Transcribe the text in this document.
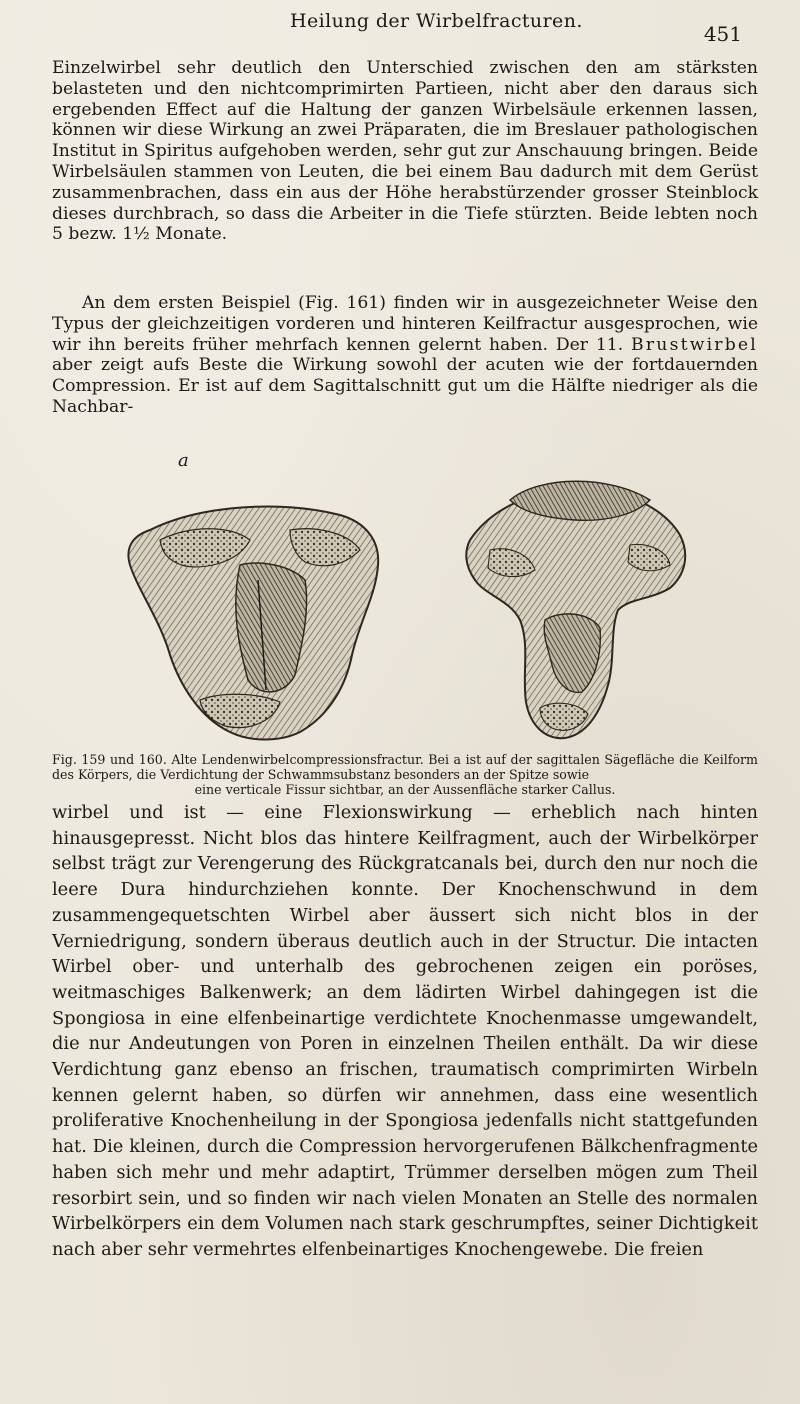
Heilung der Wirbelfracturen.
451

Einzelwirbel sehr deutlich den Unterschied zwischen den am stärksten belasteten und den nichtcomprimirten Partieen, nicht aber den daraus sich ergebenden Effect auf die Haltung der ganzen Wirbelsäule erkennen lassen, können wir diese Wirkung an zwei Präparaten, die im Breslauer pathologischen Institut in Spiritus aufgehoben werden, sehr gut zur Anschauung bringen. Beide Wirbelsäulen stammen von Leuten, die bei einem Bau dadurch mit dem Gerüst zusammenbrachen, dass ein aus der Höhe herabstürzender grosser Steinblock dieses durchbrach, so dass die Arbeiter in die Tiefe stürzten. Beide lebten noch 5 bezw. 1½ Monate.

An dem ersten Beispiel (Fig. 161) finden wir in ausgezeichneter Weise den Typus der gleichzeitigen vorderen und hinteren Keilfractur ausgesprochen, wie wir ihn bereits früher mehrfach kennen gelernt haben. Der 11. Brustwirbel aber zeigt aufs Beste die Wirkung sowohl der acuten wie der fortdauernden Compression. Er ist auf dem Sagittalschnitt gut um die Hälfte niedriger als die Nachbar-

a
Fig. 159 und 160. Alte Lendenwirbelcompressionsfractur. Bei a ist auf der sagittalen Sägefläche die Keilform des Körpers, die Verdichtung der Schwammsubstanz besonders an der Spitze sowie
eine verticale Fissur sichtbar, an der Aussenfläche starker Callus.

wirbel und ist — eine Flexionswirkung — erheblich nach hinten hinausgepresst. Nicht blos das hintere Keilfragment, auch der Wirbelkörper selbst trägt zur Verengerung des Rückgratcanals bei, durch den nur noch die leere Dura hindurchziehen konnte. Der Knochenschwund in dem zusammengequetschten Wirbel aber äussert sich nicht blos in der Verniedrigung, sondern überaus deutlich auch in der Structur. Die intacten Wirbel ober- und unterhalb des gebrochenen zeigen ein poröses, weitmaschiges Balkenwerk; an dem lädirten Wirbel dahingegen ist die Spongiosa in eine elfenbeinartige verdichtete Knochenmasse umgewandelt, die nur Andeutungen von Poren in einzelnen Theilen enthält. Da wir diese Verdichtung ganz ebenso an frischen, traumatisch comprimirten Wirbeln kennen gelernt haben, so dürfen wir annehmen, dass eine wesentlich proliferative Knochenheilung in der Spongiosa jedenfalls nicht stattgefunden hat. Die kleinen, durch die Compression hervorgerufenen Bälkchenfragmente haben sich mehr und mehr adaptirt, Trümmer derselben mögen zum Theil resorbirt sein, und so finden wir nach vielen Monaten an Stelle des normalen Wirbelkörpers ein dem Volumen nach stark geschrumpftes, seiner Dichtigkeit nach aber sehr vermehrtes elfenbeinartiges Knochengewebe. Die freien
